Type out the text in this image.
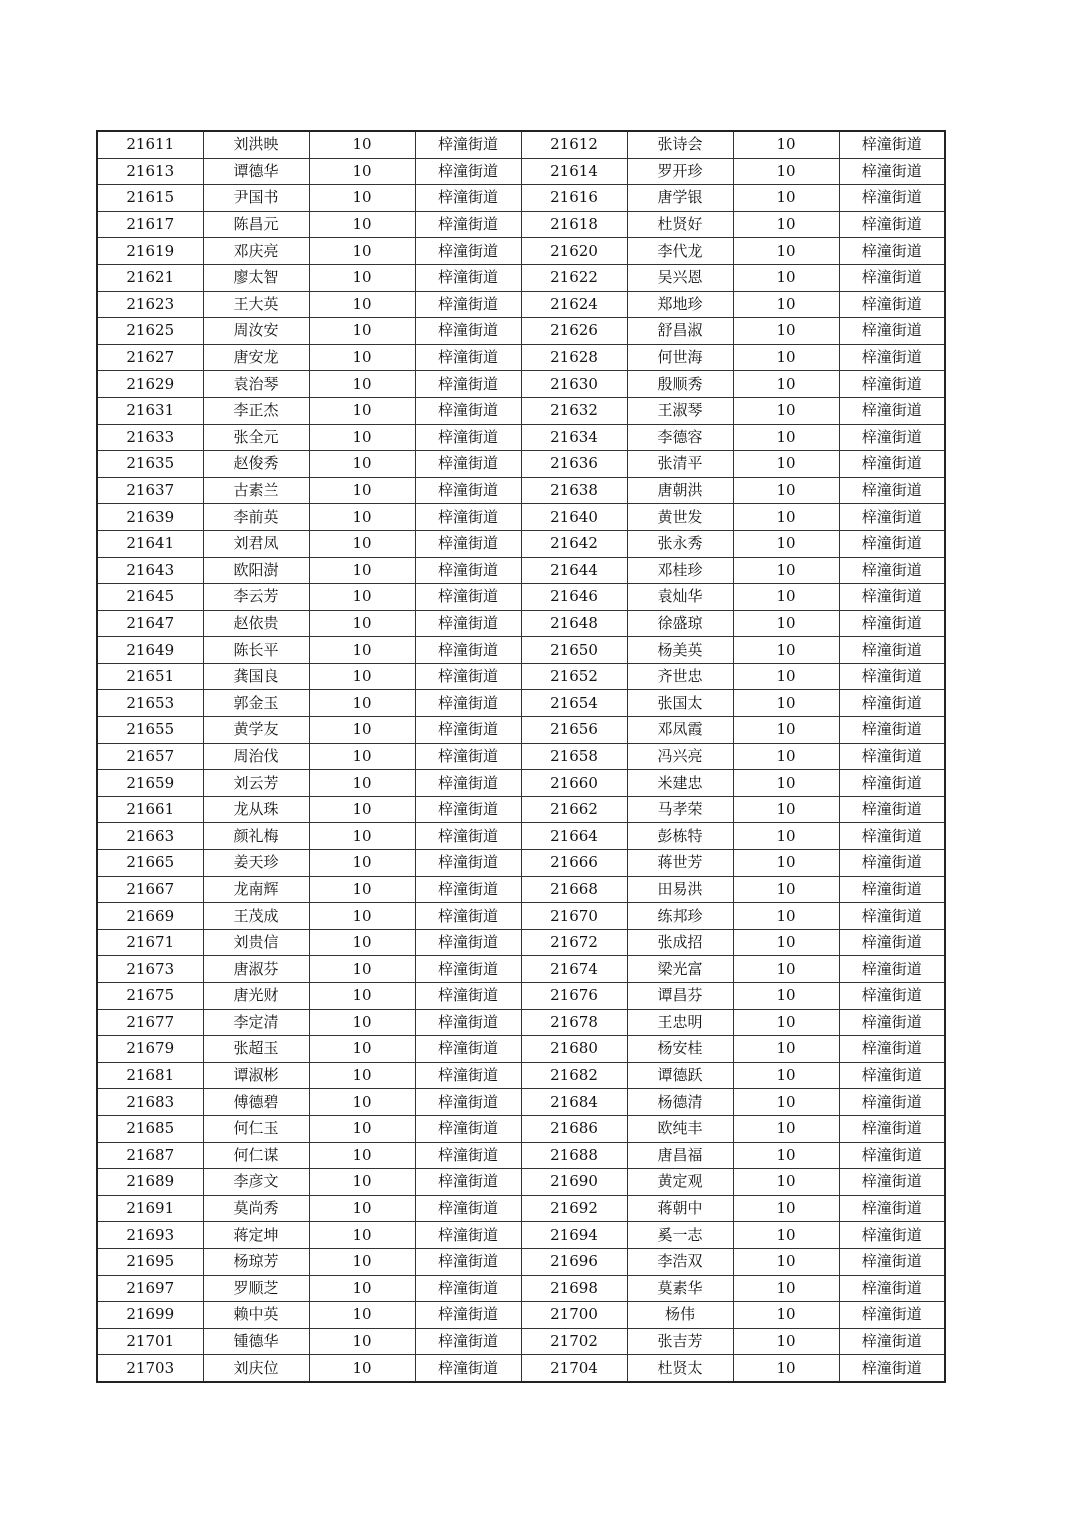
21611	刘洪映	10	梓潼街道	21612	张诗会	10	梓潼街道
21613	谭德华	10	梓潼街道	21614	罗开珍	10	梓潼街道
21615	尹国书	10	梓潼街道	21616	唐学银	10	梓潼街道
21617	陈昌元	10	梓潼街道	21618	杜贤好	10	梓潼街道
21619	邓庆亮	10	梓潼街道	21620	李代龙	10	梓潼街道
21621	廖太智	10	梓潼街道	21622	吴兴恩	10	梓潼街道
21623	王大英	10	梓潼街道	21624	郑地珍	10	梓潼街道
21625	周汝安	10	梓潼街道	21626	舒昌淑	10	梓潼街道
21627	唐安龙	10	梓潼街道	21628	何世海	10	梓潼街道
21629	袁治琴	10	梓潼街道	21630	殷顺秀	10	梓潼街道
21631	李正杰	10	梓潼街道	21632	王淑琴	10	梓潼街道
21633	张全元	10	梓潼街道	21634	李德容	10	梓潼街道
21635	赵俊秀	10	梓潼街道	21636	张清平	10	梓潼街道
21637	古素兰	10	梓潼街道	21638	唐朝洪	10	梓潼街道
21639	李前英	10	梓潼街道	21640	黄世发	10	梓潼街道
21641	刘君凤	10	梓潼街道	21642	张永秀	10	梓潼街道
21643	欧阳澍	10	梓潼街道	21644	邓桂珍	10	梓潼街道
21645	李云芳	10	梓潼街道	21646	袁灿华	10	梓潼街道
21647	赵依贵	10	梓潼街道	21648	徐盛琼	10	梓潼街道
21649	陈长平	10	梓潼街道	21650	杨美英	10	梓潼街道
21651	龚国良	10	梓潼街道	21652	齐世忠	10	梓潼街道
21653	郭金玉	10	梓潼街道	21654	张国太	10	梓潼街道
21655	黄学友	10	梓潼街道	21656	邓凤霞	10	梓潼街道
21657	周治伐	10	梓潼街道	21658	冯兴亮	10	梓潼街道
21659	刘云芳	10	梓潼街道	21660	米建忠	10	梓潼街道
21661	龙从珠	10	梓潼街道	21662	马孝荣	10	梓潼街道
21663	颜礼梅	10	梓潼街道	21664	彭栋特	10	梓潼街道
21665	姜天珍	10	梓潼街道	21666	蒋世芳	10	梓潼街道
21667	龙南辉	10	梓潼街道	21668	田易洪	10	梓潼街道
21669	王茂成	10	梓潼街道	21670	练邦珍	10	梓潼街道
21671	刘贵信	10	梓潼街道	21672	张成招	10	梓潼街道
21673	唐淑芬	10	梓潼街道	21674	梁光富	10	梓潼街道
21675	唐光财	10	梓潼街道	21676	谭昌芬	10	梓潼街道
21677	李定清	10	梓潼街道	21678	王忠明	10	梓潼街道
21679	张超玉	10	梓潼街道	21680	杨安桂	10	梓潼街道
21681	谭淑彬	10	梓潼街道	21682	谭德跃	10	梓潼街道
21683	傅德碧	10	梓潼街道	21684	杨德清	10	梓潼街道
21685	何仁玉	10	梓潼街道	21686	欧纯丰	10	梓潼街道
21687	何仁谋	10	梓潼街道	21688	唐昌福	10	梓潼街道
21689	李彦文	10	梓潼街道	21690	黄定观	10	梓潼街道
21691	莫尚秀	10	梓潼街道	21692	蒋朝中	10	梓潼街道
21693	蒋定坤	10	梓潼街道	21694	奚一志	10	梓潼街道
21695	杨琼芳	10	梓潼街道	21696	李浩双	10	梓潼街道
21697	罗顺芝	10	梓潼街道	21698	莫素华	10	梓潼街道
21699	赖中英	10	梓潼街道	21700	杨伟	10	梓潼街道
21701	锺德华	10	梓潼街道	21702	张吉芳	10	梓潼街道
21703	刘庆位	10	梓潼街道	21704	杜贤太	10	梓潼街道
